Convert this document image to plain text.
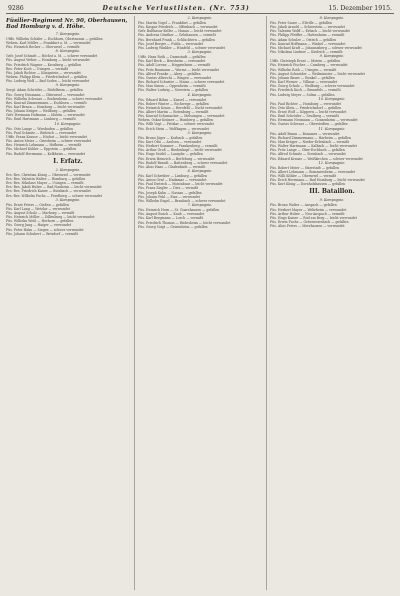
9286	Deutsche Verlustlisten. (Nr. 753)	15. Dezember 1915.
Füsilier-Regiment Nr. 90, Oberhausen, Bad Homburg v. d. Höhe.
7. Kompagnie.
Utffz. Wilhelm Schäfer — Eschborn, Obertaunus — gefallen
Wehrm. Karl Müller — Frankfurt a. M. — verwundet
Füs. Heinrich Becker — Oberursel — vermißt
8. Kompagnie.
Gefr. Josef Schmitt — Höchst a. M. — schwer verwundet
Füs. August Weber — Homburg — leicht verwundet
Füs. Friedrich Wagner — Kronberg — gefallen
Res. Peter Koch — Usingen — vermißt
Füs. Jakob Richter — Königstein — verwundet
Wehrm. Philipp Klein — Friedrichsdorf — gefallen
Füs. Ludwig Wolf — Bad Soden — leicht verwundet
9. Kompagnie.
Sergt. Adam Schröder — Rödelheim — gefallen
Füs. Georg Neumann — Oberursel — verwundet
Füs. Wilhelm Schwarz — Bockenheim — schwer verwundet
Res. Konrad Zimmermann — Eschborn — vermißt
Füs. Karl Braun — Homburg — leicht verwundet
Füs. Johann Krüger — Weilburg — gefallen
Gefr. Hermann Hofmann — Idstein — verwundet
Füs. Emil Hartmann — Limburg — vermißt
10. Kompagnie.
Füs. Otto Lange — Wiesbaden — gefallen
Füs. Paul Schmitz — Biebrich — verwundet
Utffz. Franz Krause — Höchst — leicht verwundet
Füs. Anton Meier — Griesheim — schwer verwundet
Res. Heinrich Lehmann — Hofheim — vermißt
Füs. Michael Köhler — Eppstein — gefallen
Füs. Rudolf Herrmann — Kelkheim — verwundet
I. Erfatz.
2. Kompagnie.
Ers.-Res. Christian König — Oberursel — verwundet
Ers.-Res. Valentin Walter — Homburg — gefallen
Ers.-Res. Nikolaus Mayer — Usingen — vermißt
Ers.-Res. Jakob Huber — Bad Nauheim — leicht verwundet
Ers.-Res. Friedrich Kaiser — Butzbach — verwundet
Ers.-Res. Wilhelm Fuchs — Friedberg — schwer verwundet
3. Kompagnie.
Füs. Ernst Peters — Gießen — gefallen
Füs. Karl Lang — Wetzlar — verwundet
Füs. August Scholz — Marburg — vermißt
Füs. Heinrich Möller — Dillenburg — leicht verwundet
Füs. Wilhelm Weiß — Herborn — gefallen
Füs. Georg Jung — Haiger — verwundet
Füs. Peter Hahn — Siegen — schwer verwundet
Füs. Johann Schubert — Betzdorf — vermißt
2. Kompagnie.
Füs. Martin Vogel — Frankfurt — gefallen
Füs. Kaspar Friedrich — Offenbach — verwundet
Gefr. Balthasar Keller — Hanau — leicht verwundet
Füs. Andreas Günther — Gelnhausen — vermißt
Füs. Bernhard Frank — Schlüchtern — gefallen
Füs. Josef Berger — Fulda — verwundet
Füs. Ludwig Winkler — Hünfeld — schwer verwundet
3. Kompagnie.
Utffz. Hans Roth — Darmstadt — gefallen
Füs. Karl Beck — Bensheim — verwundet
Füs. Adolf Lorenz — Heppenheim — vermißt
Füs. Fritz Baumann — Worms — leicht verwundet
Füs. Alfred Franke — Alzey — gefallen
Füs. Gustav Albrecht — Bingen — verwundet
Res. Richard Schuster — Mainz — schwer verwundet
Füs. Max Simon — Oppenheim — vermißt
Füs. Walter Ludwig — Nierstein — gefallen
4. Kompagnie.
Füs. Eduard Böhm — Kassel — verwundet
Füs. Robert Winter — Eschwege — gefallen
Füs. Heinrich Kraus — Hersfeld — leicht verwundet
Füs. Albert Martin — Rotenburg — vermißt
Füs. Konrad Schumacher — Melsungen — verwundet
Wehrm. Oskar Krämer — Homberg — gefallen
Füs. Willi Vogt — Fritzlar — schwer verwundet
Füs. Erich Stein — Wolfhagen — verwundet
5. Kompagnie.
Füs. Bruno Jäger — Korbach — gefallen
Füs. Kurt Otto — Arolsen — verwundet
Füs. Herbert Sommer — Frankenberg — vermißt
Füs. Arthur Groß — Biedenkopf — leicht verwundet
Füs. Hugo Seidel — Laasphe — gefallen
Füs. Erwin Heinrich — Berleburg — verwundet
Füs. Rudolf Brandt — Battenberg — schwer verwundet
Füs. Alois Haas — Gladenbach — vermißt
6. Kompagnie.
Füs. Karl Schreiber — Limburg — gefallen
Füs. Anton Graf — Hadamar — verwundet
Füs. Paul Dietrich — Montabaur — leicht verwundet
Füs. Franz Ziegler — Diez — vermißt
Füs. Joseph Kuhn — Nassau — gefallen
Füs. Johann Pohl — Ems — verwundet
Füs. Wilhelm Engel — Braubach — schwer verwundet
7. Kompagnie.
Füs. Heinrich Horn — St. Goarshausen — gefallen
Füs. August Busch — Kaub — verwundet
Füs. Karl Bergmann — Lorch — vermißt
Füs. Friedrich Thomas — Rüdesheim — leicht verwundet
Füs. Georg Voigt — Geisenheim — gefallen
8. Kompagnie.
Füs. Peter Sauer — Eltville — gefallen
Füs. Jakob Arnold — Schierstein — verwundet
Füs. Valentin Wolff — Erbach — leicht verwundet
Füs. Philipp Pfeiffer — Hattenheim — vermißt
Füs. Adam Schulze — Östrich — gefallen
Füs. Konrad Hoffmann — Winkel — verwundet
Füs. Michael Kraft — Johannisberg — schwer verwundet
Füs. Nikolaus Lindner — Kiedrich — vermißt
9. Kompagnie.
Utffz. Christoph Ernst — Idstein — gefallen
Füs. Heinrich Fischer — Camberg — verwundet
Füs. Wilhelm Roth — Usingen — vermißt
Füs. August Schneider — Weilmünster — leicht verwundet
Füs. Johann Bauer — Runkel — gefallen
Füs. Karl Werner — Villmar — verwundet
Füs. Georg Schulz — Weilburg — schwer verwundet
Füs. Friedrich Koch — Braunfels — vermißt
Füs. Ludwig Meyer — Solms — gefallen
10. Kompagnie.
Füs. Paul Richter — Homburg — verwundet
Füs. Otto Klein — Friedrichsdorf — gefallen
Füs. Ernst Wolf — Köppern — leicht verwundet
Füs. Emil Schröder — Seulberg — vermißt
Füs. Hermann Neumann — Gonzenheim — verwundet
Füs. Gustav Schwarz — Oberstedten — gefallen
11. Kompagnie.
Füs. Adolf Braun — Bonames — verwundet
Füs. Richard Zimmermann — Harheim — gefallen
Füs. Max Krüger — Nieder-Erlenbach — vermißt
Füs. Walter Hartmann — Kalbach — leicht verwundet
Füs. Fritz Lange — Ober-Eschbach — gefallen
Füs. Alfred Schmitz — Steinbach — verwundet
Füs. Eduard Krause — Weißkirchen — schwer verwundet
12. Kompagnie.
Füs. Robert Meier — Stierstadt — gefallen
Füs. Albert Lehmann — Bommersheim — verwundet
Füs. Willi Köhler — Oberursel — vermißt
Füs. Erich Herrmann — Bad Homburg — leicht verwundet
Füs. Kurt König — Dornholzhausen — gefallen
III. Bataillon.
9. Kompagnie.
Füs. Bruno Walter — Anspach — gefallen
Füs. Herbert Mayer — Wehrheim — verwundet
Füs. Arthur Huber — Neu-Anspach — vermißt
Füs. Hugo Kaiser — Rod am Berg — leicht verwundet
Füs. Erwin Fuchs — Grävenwiesbach — gefallen
Füs. Alois Peters — Merzhausen — verwundet
